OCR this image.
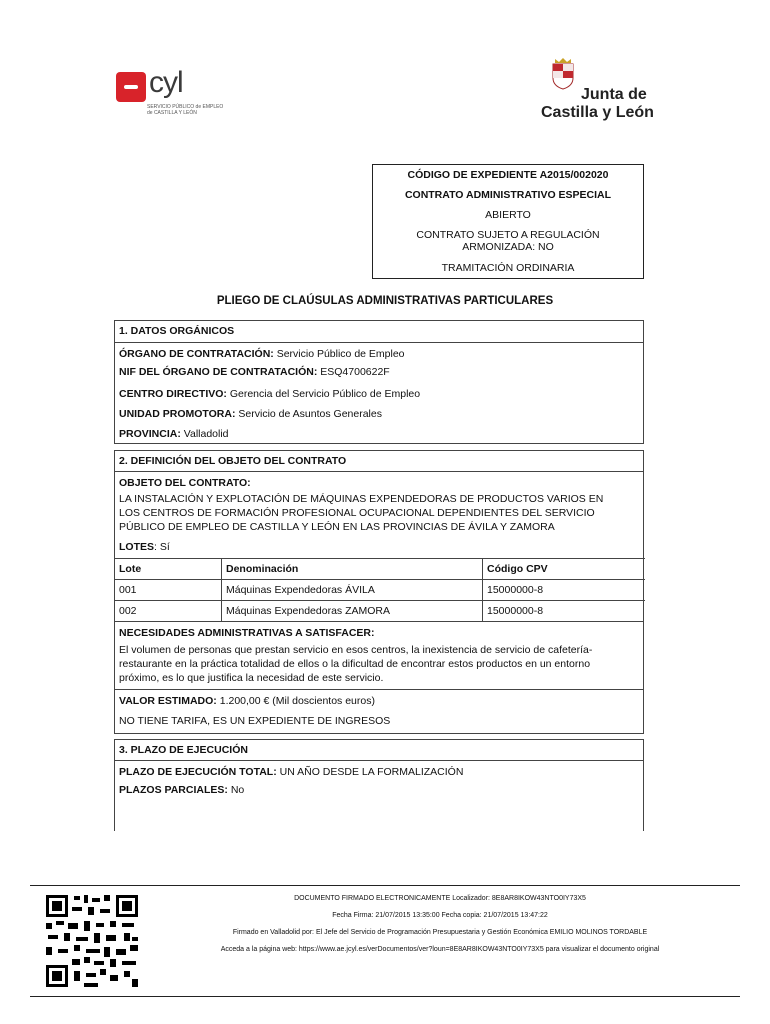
cyl
SERVICIO PÚBLICO de EMPLEO de CASTILLA Y LEÓN
Junta de
Castilla y León
CÓDIGO DE EXPEDIENTE A2015/002020
CONTRATO ADMINISTRATIVO ESPECIAL
ABIERTO
CONTRATO SUJETO A REGULACIÓN
ARMONIZADA: NO
TRAMITACIÓN ORDINARIA
PLIEGO DE CLAÚSULAS ADMINISTRATIVAS PARTICULARES
1. DATOS ORGÁNICOS
ÓRGANO DE CONTRATACIÓN: Servicio Público de Empleo
NIF DEL ÓRGANO DE CONTRATACIÓN: ESQ4700622F
CENTRO DIRECTIVO: Gerencia del Servicio Público de Empleo
UNIDAD PROMOTORA: Servicio de Asuntos Generales
PROVINCIA: Valladolid
2. DEFINICIÓN DEL OBJETO DEL CONTRATO
OBJETO DEL CONTRATO:
LA INSTALACIÓN Y EXPLOTACIÓN DE MÁQUINAS EXPENDEDORAS DE PRODUCTOS VARIOS EN
LOS CENTROS DE FORMACIÓN PROFESIONAL OCUPACIONAL DEPENDIENTES DEL SERVICIO
PÚBLICO DE EMPLEO DE CASTILLA Y LEÓN EN LAS PROVINCIAS DE ÁVILA Y ZAMORA
LOTES: Sí
Lote	Denominación	Código CPV
001	Máquinas Expendedoras ÁVILA	15000000-8
002	Máquinas Expendedoras ZAMORA	15000000-8
NECESIDADES ADMINISTRATIVAS A SATISFACER:
El volumen de personas que prestan servicio en esos centros, la inexistencia de servicio de cafetería-
restaurante en la práctica totalidad de ellos o la dificultad de encontrar estos productos en un entorno
próximo, es lo que justifica la necesidad de este servicio.
VALOR ESTIMADO: 1.200,00 € (Mil doscientos euros)
NO TIENE TARIFA, ES UN EXPEDIENTE DE INGRESOS
3. PLAZO DE EJECUCIÓN
PLAZO DE EJECUCIÓN TOTAL: UN AÑO DESDE LA FORMALIZACIÓN
PLAZOS PARCIALES: No
DOCUMENTO FIRMADO ELECTRONICAMENTE Localizador: 8E8AR8IKOW43NTO0IY73X5
Fecha Firma: 21/07/2015 13:35:00 Fecha copia: 21/07/2015 13:47:22
Firmado en Valladolid por: El Jefe del Servicio de Programación Presupuestaria y Gestión Económica EMILIO MOLINOS TORDABLE
Acceda a la página web: https://www.ae.jcyl.es/verDocumentos/ver?loun=8E8AR8IKOW43NTO0IY73X5 para visualizar el documento original
